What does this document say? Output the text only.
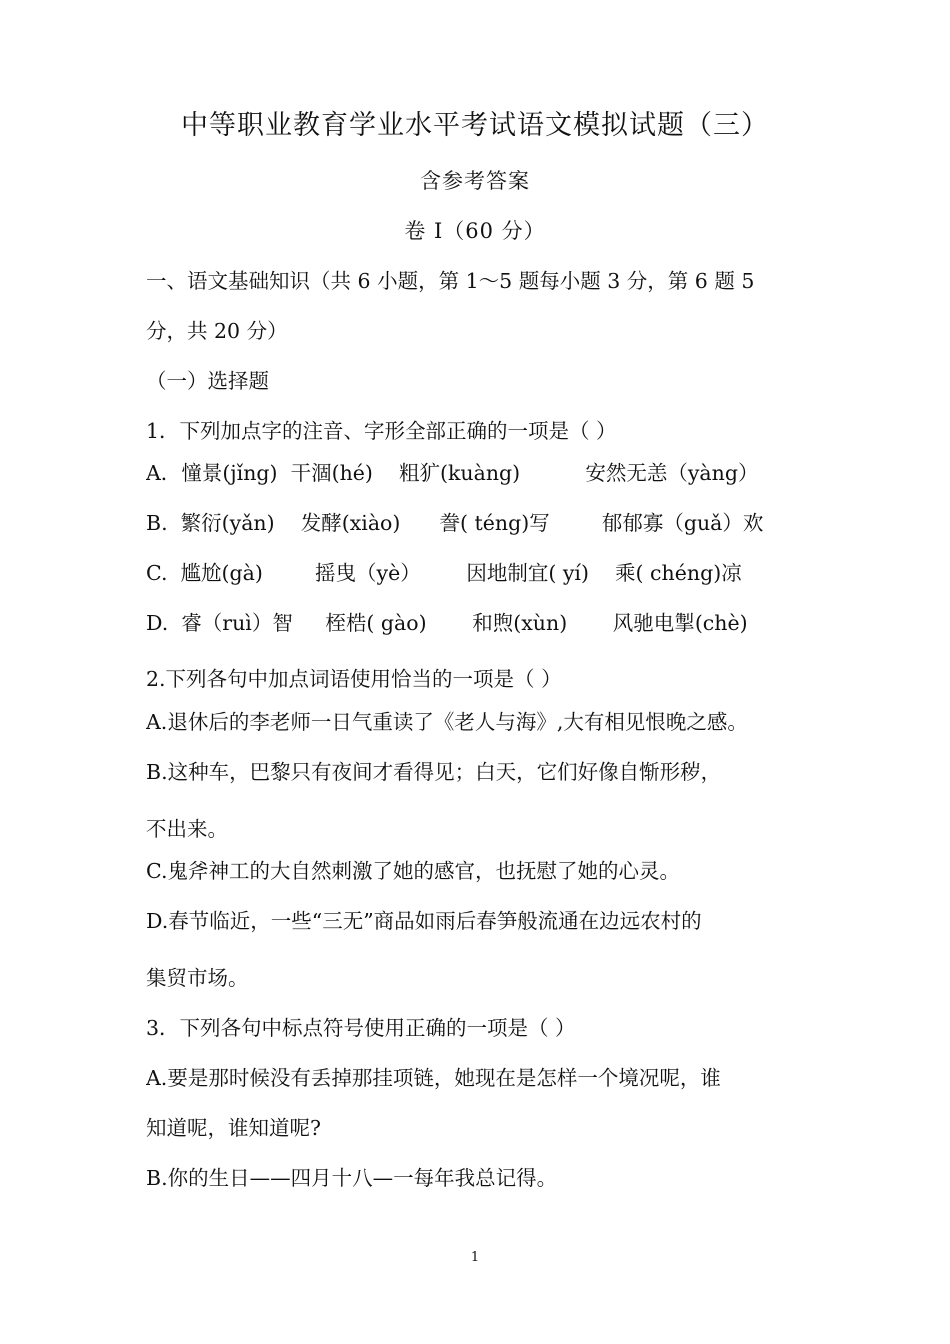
中等职业教育学业水平考试语文模拟试题（三）
含参考答案
卷 I（60 分）
一、语文基础知识（共 6 小题，第 1～5 题每小题 3 分，第 6 题 5
分，共 20 分）
（一）选择题
1．下列加点字的注音、字形全部正确的一项是（ ）
A．憧景(jǐng)  干涸(hé)    粗犷(kuàng)          安然无恙（yàng）
B.  繁衍(yǎn)    发酵(xiào)      誊( téng)写        郁郁寡（guǎ）欢
C.  尴尬(gà)        摇曳（yè）       因地制宜( yí)    乘( chéng)凉
D.  睿（ruì）智     桎梏( gào)       和煦(xùn)       风驰电掣(chè)
2.下列各句中加点词语使用恰当的一项是（ ）
A.退休后的李老师一日气重读了《老人与海》,大有相见恨晚之感。
B.这种车，巴黎只有夜间才看得见；白天，它们好像自惭形秽，
不出来。
C.鬼斧神工的大自然刺激了她的感官，也抚慰了她的心灵。
D.春节临近，一些“三无”商品如雨后春笋般流通在边远农村的
集贸市场。
3．下列各句中标点符号使用正确的一项是（ ）
A.要是那时候没有丢掉那挂项链，她现在是怎样一个境况呢，谁
知道呢，谁知道呢?
B.你的生日——四月十八—一每年我总记得。
1
